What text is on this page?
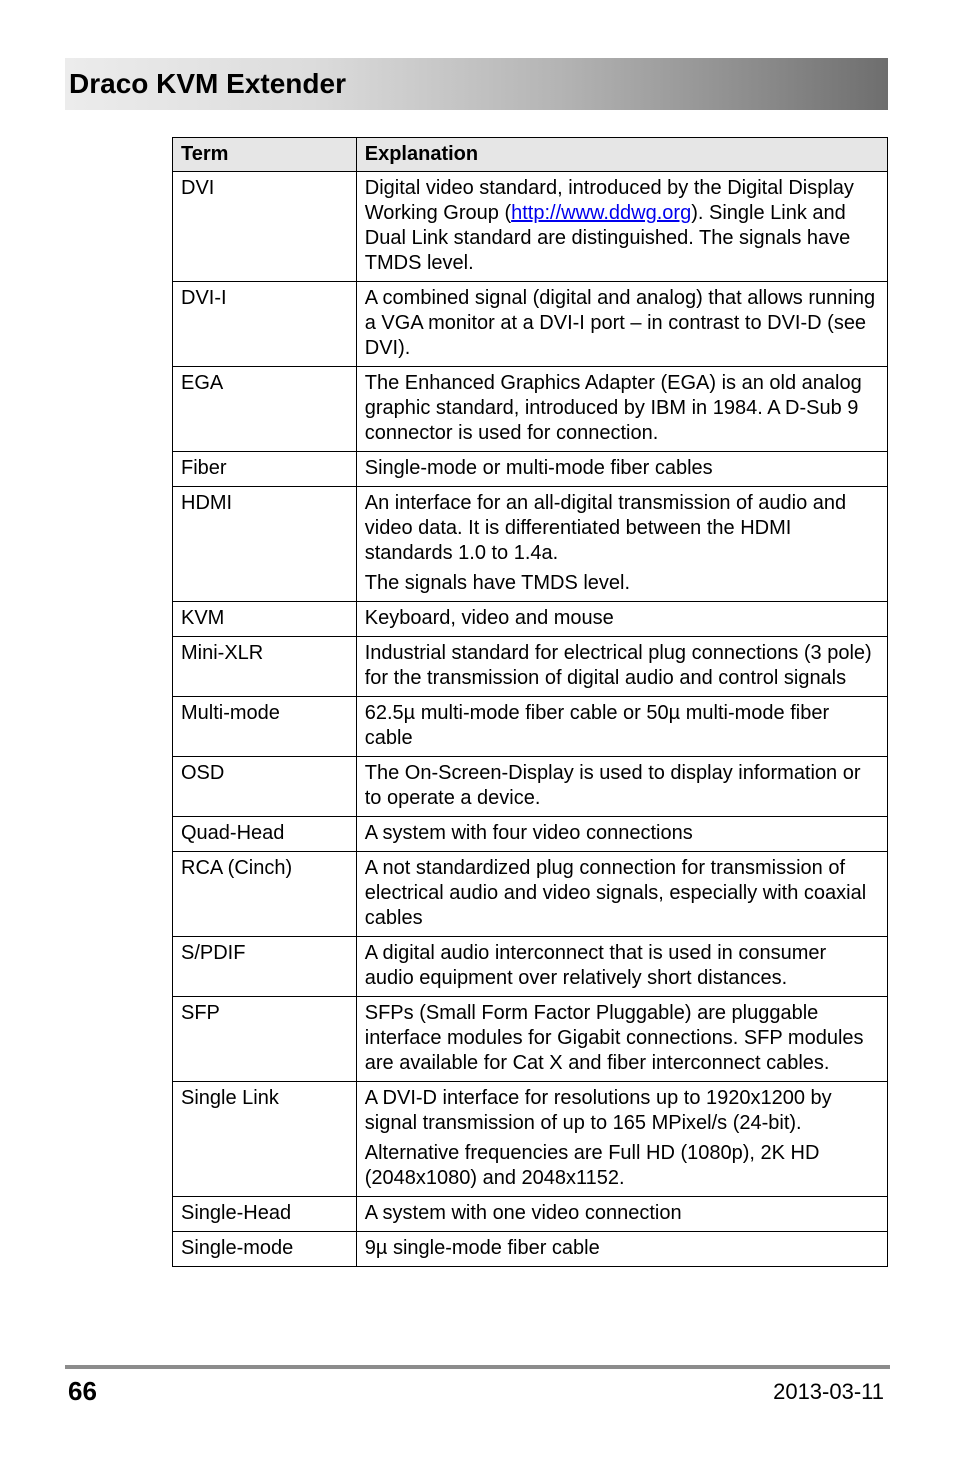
Draco KVM Extender
Term	Explanation
DVI	Digital video standard, introduced by the Digital Display Working Group (http://www.ddwg.org). Single Link and Dual Link standard are distinguished. The signals have TMDS level.

DVI-I	A combined signal (digital and analog) that allows running a VGA monitor at a DVI-I port – in contrast to DVI-D (see DVI).

EGA	The Enhanced Graphics Adapter (EGA) is an old analog graphic standard, introduced by IBM in 1984. A D-Sub 9 connector is used for connection.

Fiber	Single-mode or multi-mode fiber cables

HDMI	An interface for an all-digital transmission of audio and video data. It is differentiated between the HDMI standards 1.0 to 1.4a.
The signals have TMDS level.

KVM	Keyboard, video and mouse

Mini-XLR	Industrial standard for electrical plug connections (3 pole) for the transmission of digital audio and control signals

Multi-mode	62.5µ multi-mode fiber cable or 50µ multi-mode fiber cable

OSD	The On-Screen-Display is used to display information or to operate a device.

Quad-Head	A system with four video connections

RCA (Cinch)	A not standardized plug connection for transmission of electrical audio and video signals, especially with coaxial cables

S/PDIF	A digital audio interconnect that is used in consumer audio equipment over relatively short distances.

SFP	SFPs (Small Form Factor Pluggable) are pluggable interface modules for Gigabit connections. SFP modules are available for Cat X and fiber interconnect cables.

Single Link	A DVI-D interface for resolutions up to 1920x1200 by signal transmission of up to 165 MPixel/s (24-bit).
Alternative frequencies are Full HD (1080p), 2K HD (2048x1080) and 2048x1152.

Single-Head	A system with one video connection

Single-mode	9µ single-mode fiber cable
66	2013-03-11
